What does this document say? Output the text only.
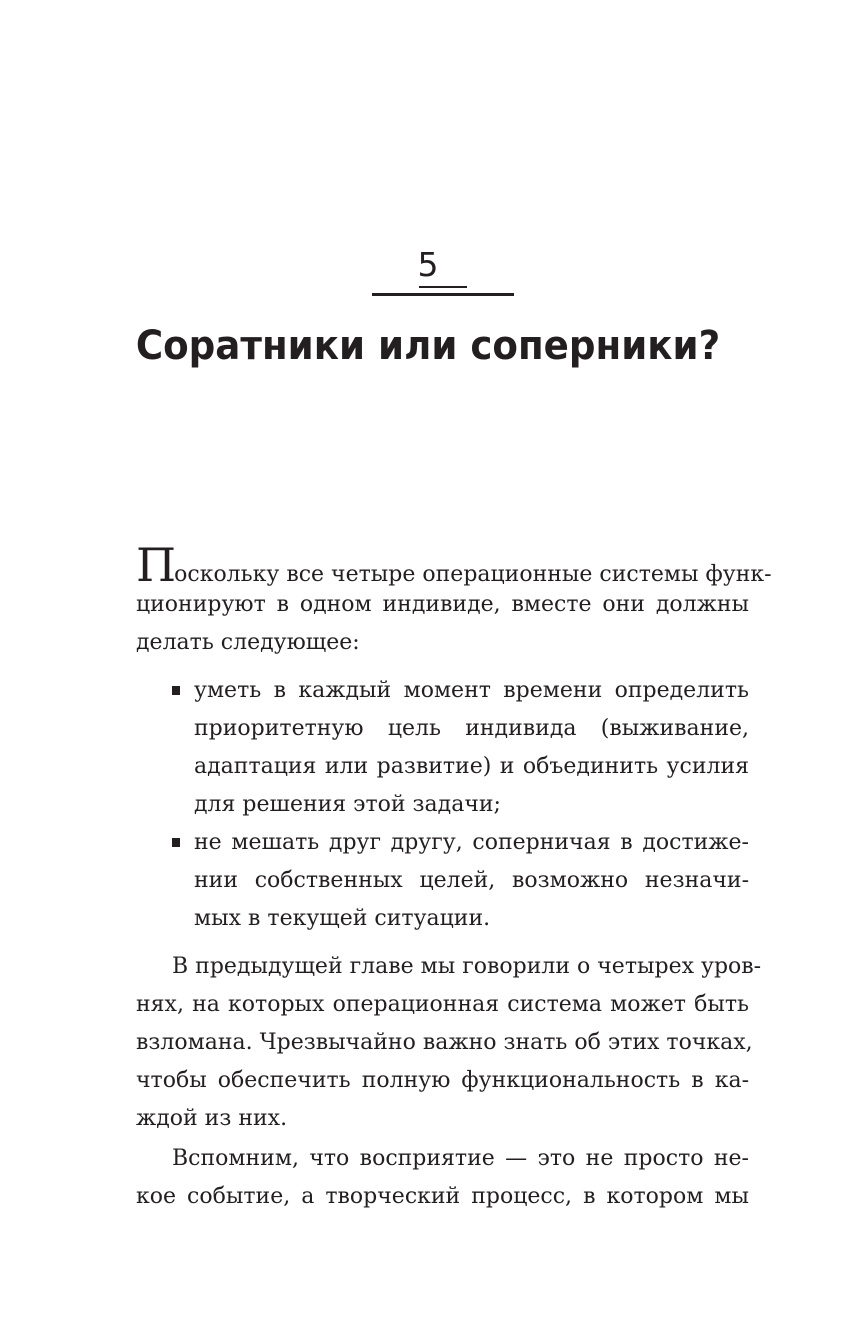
5
Соратники или соперники?
Поскольку все четыре операционные системы функ-
ционируют в одном индивиде, вместе они должны
делать следующее:
уметь в каждый момент времени определить
приоритетную цель индивида (выживание,
адаптация или развитие) и объединить усилия
для решения этой задачи;
не мешать друг другу, соперничая в достиже-
нии собственных целей, возможно незначи-
мых в текущей ситуации.
В предыдущей главе мы говорили о четырех уров-
нях, на которых операционная система может быть
взломана. Чрезвычайно важно знать об этих точках,
чтобы обеспечить полную функциональность в ка-
ждой из них.
Вспомним, что восприятие — это не просто не-
кое событие, а творческий процесс, в котором мы
